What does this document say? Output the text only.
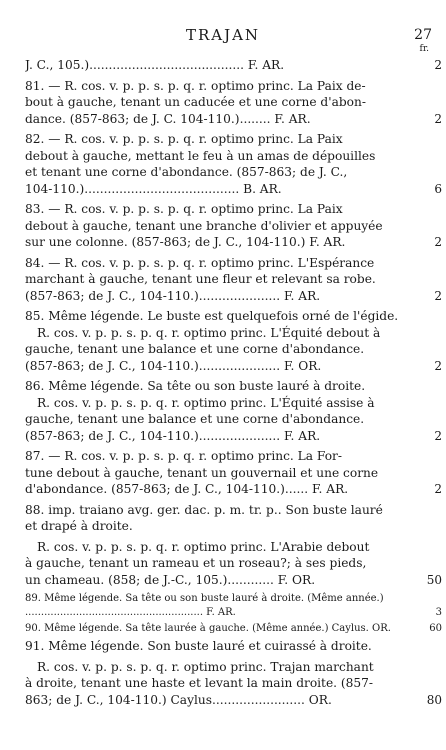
TRAJAN	27
fr.
J. C., 105.)........................................ F. AR.	2
81. — R. cos. v. p. p. s. p. q. r. optimo princ. La Paix de-
bout à gauche, tenant un caducée et une corne d'abon-
dance. (857-863; de J. C. 104-110.)........ F. AR.	2
82. — R. cos. v. p. p. s. p. q. r. optimo princ. La Paix
debout à gauche, mettant le feu à un amas de dépouilles
et tenant une corne d'abondance. (857-863; de J. C.,
104-110.)........................................ B. AR.	6
83. — R. cos. v. p. p. s. p. q. r. optimo princ. La Paix
debout à gauche, tenant une branche d'olivier et appuyée
sur une colonne. (857-863; de J. C., 104-110.) F. AR.	2
84. — R. cos. v. p. p. s. p. q. r. optimo princ. L'Espérance
marchant à gauche, tenant une fleur et relevant sa robe.
(857-863; de J. C., 104-110.)..................... F. AR.	2
85. Même légende. Le buste est quelquefois orné de l'égide.
R. cos. v. p. p. s. p. q. r. optimo princ. L'Équité debout à
gauche, tenant une balance et une corne d'abondance.
(857-863; de J. C., 104-110.)..................... F. OR.	2
86. Même légende. Sa tête ou son buste lauré à droite.
R. cos. v. p. p. s. p. q. r. optimo princ. L'Équité assise à
gauche, tenant une balance et une corne d'abondance.
(857-863; de J. C., 104-110.)..................... F. AR.	2
87. — R. cos. v. p. p. s. p. q. r. optimo princ. La For-
tune debout à gauche, tenant un gouvernail et une corne
d'abondance. (857-863; de J. C., 104-110.)...... F. AR.	2
88. imp. traiano avg. ger. dac. p. m. tr. p.. Son buste lauré
et drapé à droite.
R. cos. v. p. p. s. p. q. r. optimo princ. L'Arabie debout
à gauche, tenant un rameau et un roseau?; à ses pieds,
un chameau. (858; de J.-C., 105.)............ F. OR.	50
89. Même légende. Sa tête ou son buste lauré à droite. (Même année.)
........................................................ F. AR.	3
90. Même légende. Sa tête laurée à gauche. (Même année.) Caylus. OR.	60
91. Même légende. Son buste lauré et cuirassé à droite.
R. cos. v. p. p. s. p. q. r. optimo princ. Trajan marchant
à droite, tenant une haste et levant la main droite. (857-
863; de J. C., 104-110.) Caylus........................ OR.	80
